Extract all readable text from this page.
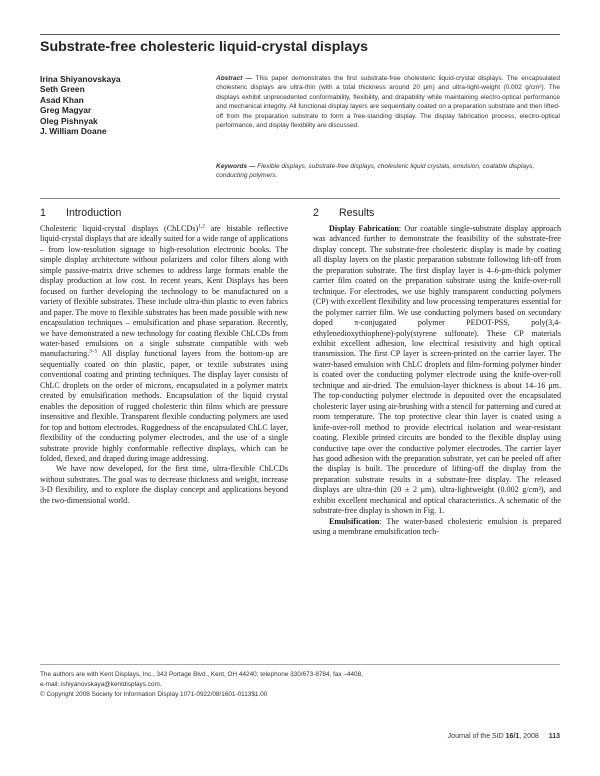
Substrate-free cholesteric liquid-crystal displays
Irina Shiyanovskaya
Seth Green
Asad Khan
Greg Magyar
Oleg Pishnyak
J. William Doane
Abstract — This paper demonstrates the first substrate-free cholesteric liquid-crystal displays. The encapsulated cholesteric displays are ultra-thin (with a total thickness around 20 μm) and ultra-light-weight (0.002 g/cm²). The displays exhibit unprecedented conformability, flexibility, and drapability while maintaining electro-optical performance and mechanical integrity. All functional display layers are sequentially coated on a preparation substrate and then lifted-off from the preparation substrate to form a free-standing display. The display fabrication process, electro-optical performance, and display flexibility are discussed.
Keywords — Flexible displays, substrate-free displays, cholesteric liquid crystals, emulsion, coatable displays, conducting polymers.
1 Introduction	2 Results

Cholesteric liquid-crystal displays (ChLCDs)$^{1,2}$ are bistable reflective liquid-crystal displays that are ideally suited for a wide range of applications – from low-resolution signage to high-resolution electronic books. The simple display architecture without polarizers and color filters along with simple passive-matrix drive schemes to address large formats enable the display production at low cost. In recent years, Kent Displays has been focused on further developing the technology to be manufactured on a variety of flexible substrates. These include ultra-thin plastic to even fabrics and paper. The move to flexible substrates has been made possible with new encapsulation techniques – emulsification and phase separation. Recently, we have demonstrated a new technology for coating flexible ChLCDs from water-based emulsions on a single substrate compatible with web manufacturing.$^{3-5}$ All display functional layers from the bottom-up are sequentially coated on thin plastic, paper, or textile substrates using conventional coating and printing techniques. The display layer consists of ChLC droplets on the order of microns, encapsulated in a polymer matrix created by emulsification methods. Encapsulation of the liquid crystal enables the deposition of rugged cholesteric thin films which are pressure insensitive and flexible. Transparent flexible conducting polymers are used for top and bottom electrodes. Ruggedness of the encapsulated ChLC layer, flexibility of the conducting polymer electrodes, and the use of a single substrate provide highly conformable reflective displays, which can be folded, flexed, and draped during image addressing.

We have now developed, for the first time, ultra-flexible ChLCDs without substrates. The goal was to decrease thickness and weight, increase 3-D flexibility, and to explore the display concept and applications beyond the two-dimensional world.

Display Fabrication: Our coatable single-substrate display approach was advanced further to demonstrate the feasibility of the substrate-free display concept. The substrate-free cholesteric display is made by coating all display layers on the plastic preparation substrate following lift-off from the preparation substrate. The first display layer is 4–6-μm-thick polymer carrier film coated on the preparation substrate using the knife-over-roll technique. For electrodes, we use highly transparent conducting polymers (CP) with excellent flexibility and low processing temperatures essential for the polymer carrier film. We use conducting polymers based on secondary doped π-conjugated polymer PEDOT-PSS, poly(3,4-ethylenedioxythiophene)-poly(styrene sulfonate). These CP materials exhibit excellent adhesion, low electrical resistivity and high optical transmission. The first CP layer is screen-printed on the carrier layer. The water-based emulsion with ChLC droplets and film-forming polymer binder is coated over the conducting polymer electrode using the knife-over-roll technique and air-dried. The emulsion-layer thickness is about 14–16 μm. The top-conducting polymer electrode is deposited over the encapsulated cholesteric layer using air-brushing with a stencil for patterning and cured at room temperature. The top protective clear thin layer is coated using a knife-over-roll method to provide electrical isolation and wear-resistant coating. Flexible printed circuits are bonded to the flexible display using conductive tape over the conductive polymer electrodes. The carrier layer has good adhesion with the preparation substrate, yet can be peeled off after the display is built. The procedure of lifting-off the display from the preparation substrate results in a substrate-free display. The released displays are ultra-thin (20 ± 2 μm), ultra-lightweight (0.002 g/cm²), and exhibit excellent mechanical and optical characteristics. A schematic of the substrate-free display is shown in Fig. 1.

Emulsification: The water-based cholesteric emulsion is prepared using a membrane emulsification tech-

The authors are with Kent Displays, Inc., 343 Portage Blvd., Kent, OH 44240; telephone 330/673-8784, fax –4408,
e-mail: ishiyanovskaya@kentdisplays.com.
© Copyright 2008 Society for Information Display 1071-0922/08/1601-0113$1.00
Journal of the SID 16/1, 2008 113
